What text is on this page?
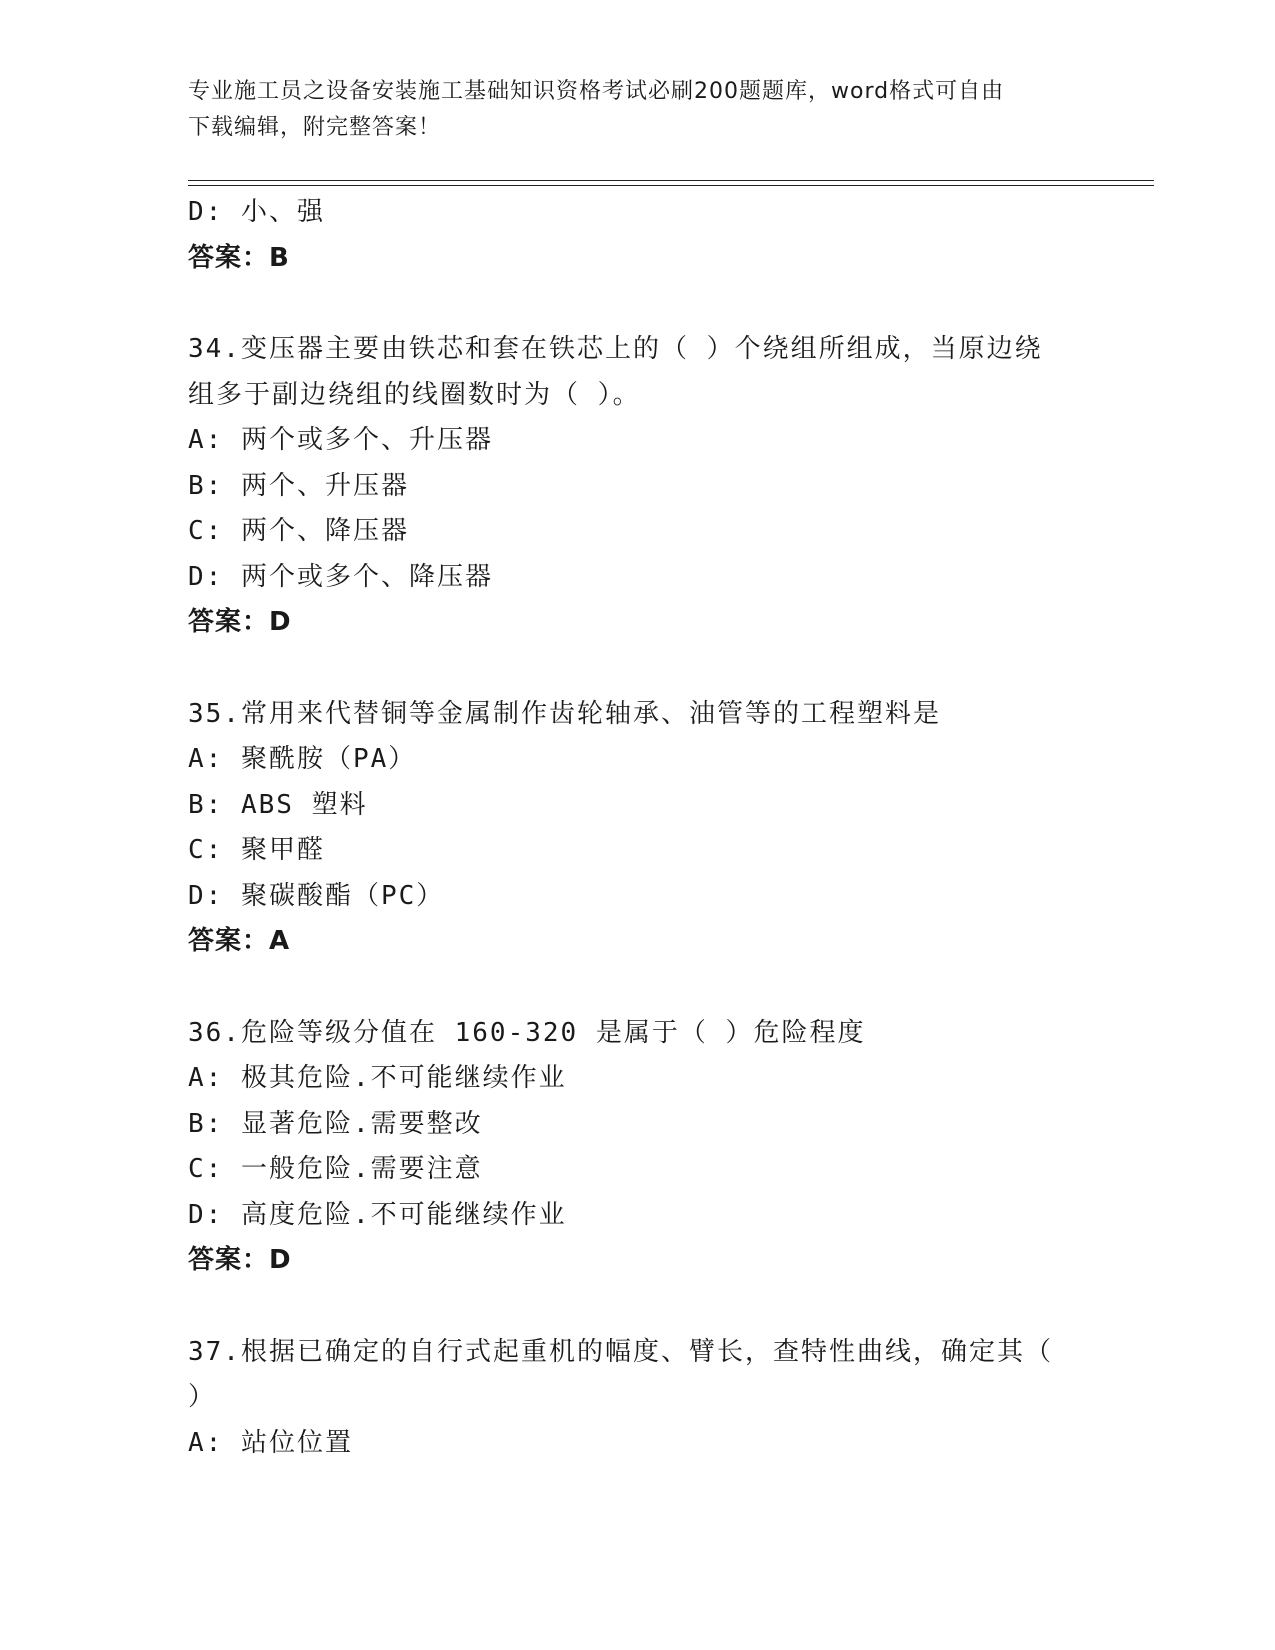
专业施工员之设备安装施工基础知识资格考试必刷200题题库，word格式可自由
下载编辑，附完整答案！
D: 小、强
答案：B
34.变压器主要由铁芯和套在铁芯上的（ ）个绕组所组成，当原边绕
组多于副边绕组的线圈数时为（ ）。
A: 两个或多个、升压器
B: 两个、升压器
C: 两个、降压器
D: 两个或多个、降压器
答案：D
35.常用来代替铜等金属制作齿轮轴承、油管等的工程塑料是
A: 聚酰胺（PA）
B: ABS 塑料
C: 聚甲醛
D: 聚碳酸酯（PC）
答案：A
36.危险等级分值在 160-320 是属于（ ）危险程度
A: 极其危险.不可能继续作业
B: 显著危险.需要整改
C: 一般危险.需要注意
D: 高度危险.不可能继续作业
答案：D
37.根据已确定的自行式起重机的幅度、臂长，查特性曲线，确定其（
）
A: 站位位置
